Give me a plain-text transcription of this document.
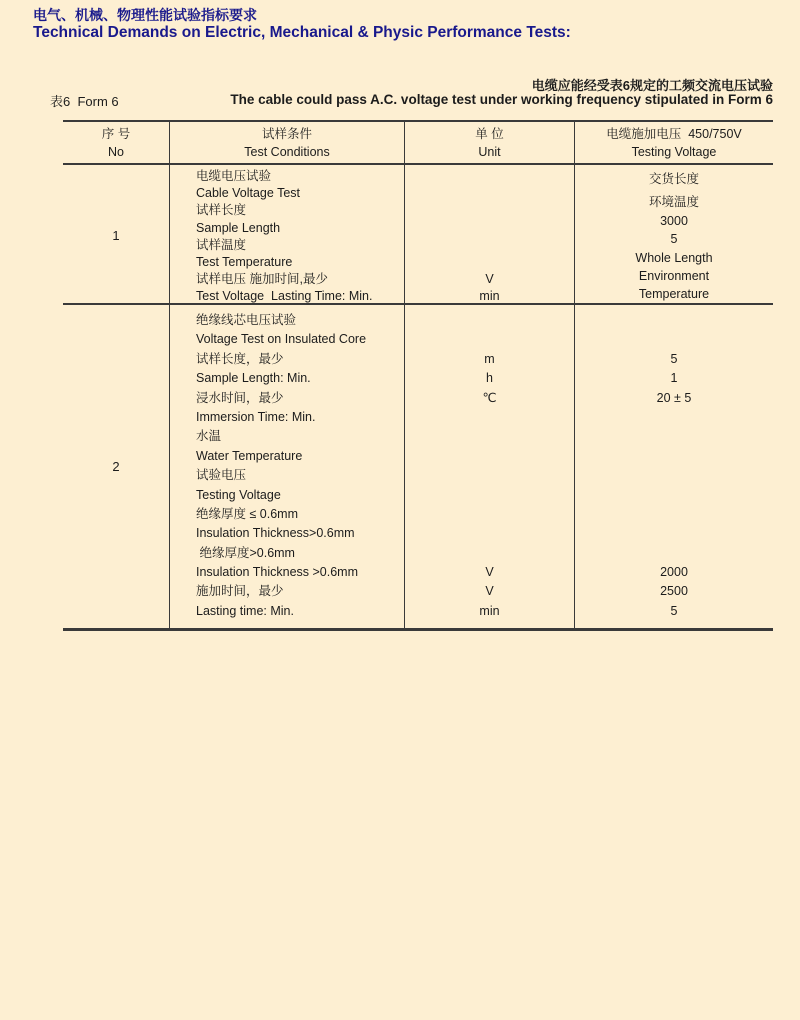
电气、机械、物理性能试验指标要求
Technical Demands on Electric, Mechanical & Physic Performance Tests:
电缆应能经受表6规定的工频交流电压试验
表6  Form 6	The cable could pass A.C. voltage test under working frequency stipulated in Form 6
序 号
No
试样条件
Test Conditions
单 位
Unit
电缆施加电压  450/750V
Testing Voltage
1
电缆电压试验
Cable Voltage Test
试样长度
Sample Length
试样温度
Test Temperature
试样电压 施加时间,最少
Test Voltage  Lasting Time: Min.
V
min
交货长度
环境温度
3000
5
Whole Length
Environment
Temperature
2
绝缘线芯电压试验
Voltage Test on Insulated Core
试样长度，最少
Sample Length: Min.
浸水时间，最少
Immersion Time: Min.
水温
Water Temperature
试验电压
Testing Voltage
绝缘厚度 ≤ 0.6mm
Insulation Thickness>0.6mm
绝缘厚度>0.6mm
Insulation Thickness >0.6mm
施加时间，最少
Lasting time: Min.
m
h
℃
V
V
min
5
1
20 ± 5
2000
2500
5
